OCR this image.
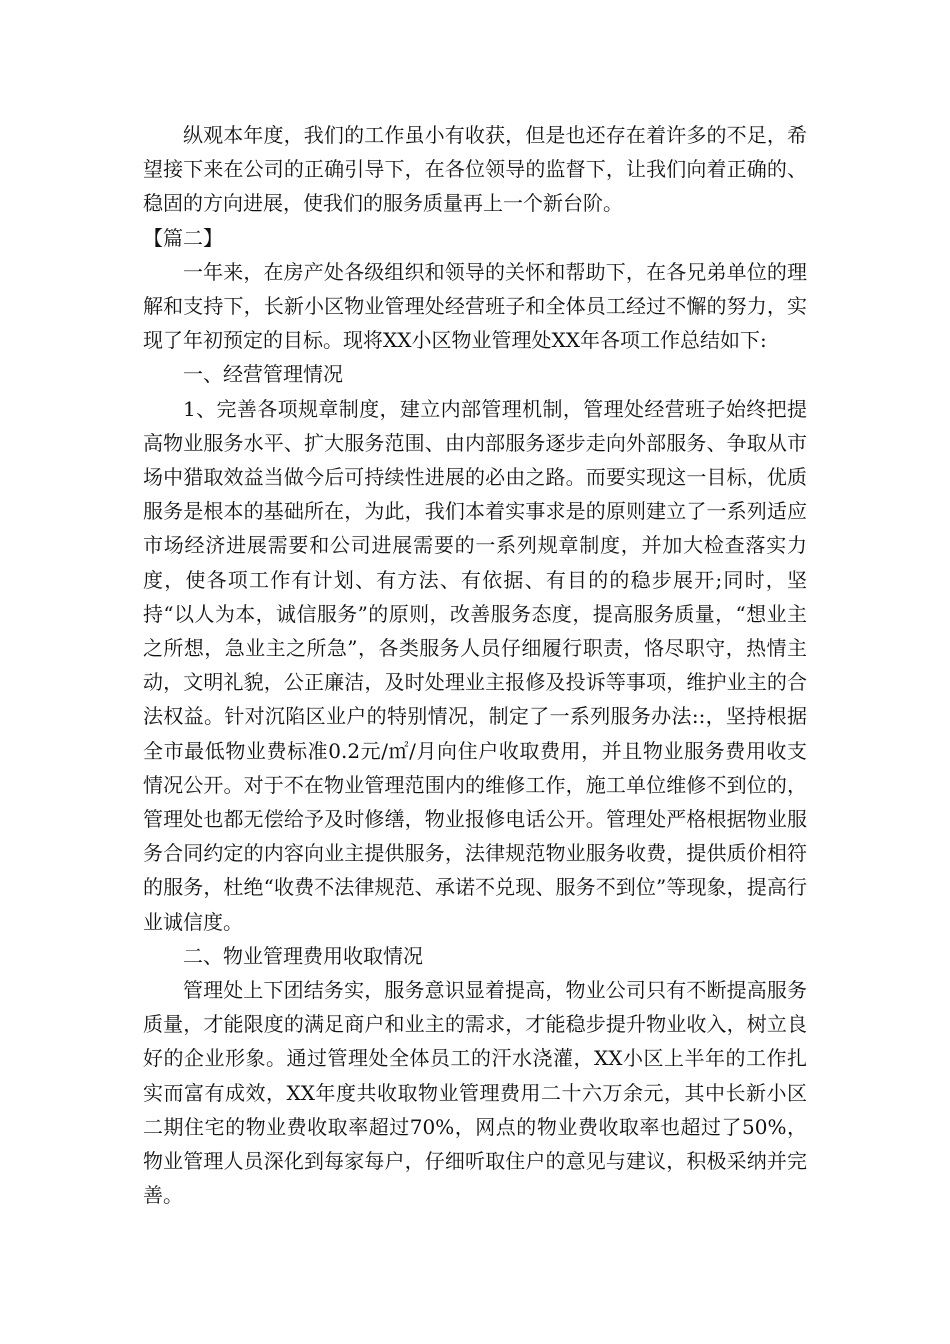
纵观本年度，我们的工作虽小有收获，但是也还存在着许多的不足，希望接下来在公司的正确引导下，在各位领导的监督下，让我们向着正确的、稳固的方向进展，使我们的服务质量再上一个新台阶。

【篇二】

一年来，在房产处各级组织和领导的关怀和帮助下，在各兄弟单位的理解和支持下，长新小区物业管理处经营班子和全体员工经过不懈的努力，实现了年初预定的目标。现将XX小区物业管理处XX年各项工作总结如下:

一、经营管理情况

1、完善各项规章制度，建立内部管理机制，管理处经营班子始终把提高物业服务水平、扩大服务范围、由内部服务逐步走向外部服务、争取从市场中猎取效益当做今后可持续性进展的必由之路。而要实现这一目标，优质服务是根本的基础所在，为此，我们本着实事求是的原则建立了一系列适应市场经济进展需要和公司进展需要的一系列规章制度，并加大检查落实力度，使各项工作有计划、有方法、有依据、有目的的稳步展开;同时，坚持“以人为本，诚信服务”的原则，改善服务态度，提高服务质量，“想业主之所想，急业主之所急”，各类服务人员仔细履行职责，恪尽职守，热情主动，文明礼貌，公正廉洁，及时处理业主报修及投诉等事项，维护业主的合法权益。针对沉陷区业户的特别情况，制定了一系列服务办法::，坚持根据全市最低物业费标准0.2元/㎡/月向住户收取费用，并且物业服务费用收支情况公开。对于不在物业管理范围内的维修工作，施工单位维修不到位的，管理处也都无偿给予及时修缮，物业报修电话公开。管理处严格根据物业服务合同约定的内容向业主提供服务，法律规范物业服务收费，提供质价相符的服务，杜绝“收费不法律规范、承诺不兑现、服务不到位”等现象，提高行业诚信度。

二、物业管理费用收取情况

管理处上下团结务实，服务意识显着提高，物业公司只有不断提高服务质量，才能限度的满足商户和业主的需求，才能稳步提升物业收入，树立良好的企业形象。通过管理处全体员工的汗水浇灌，XX小区上半年的工作扎实而富有成效，XX年度共收取物业管理费用二十六万余元，其中长新小区二期住宅的物业费收取率超过70%，网点的物业费收取率也超过了50%，物业管理人员深化到每家每户，仔细听取住户的意见与建议，积极采纳并完善。
